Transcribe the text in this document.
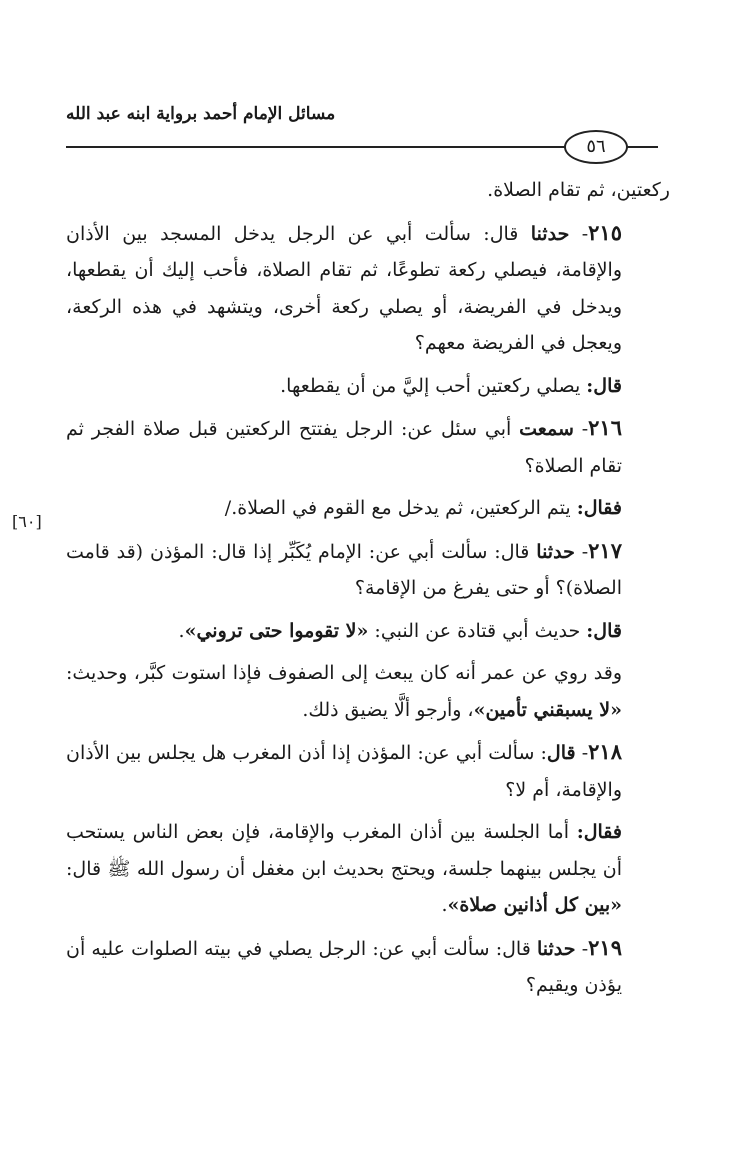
مسائل الإمام أحمد برواية ابنه عبد الله
٥٦
[٦٠]

ركعتين، ثم تقام الصلاة.

٢١٥- حدثنا قال: سألت أبي عن الرجل يدخل المسجد بين الأذان والإقامة، فيصلي ركعة تطوعًا، ثم تقام الصلاة، فأحب إليك أن يقطعها، ويدخل في الفريضة، أو يصلي ركعة أخرى، ويتشهد في هذه الركعة، ويعجل في الفريضة معهم؟

قال: يصلي ركعتين أحب إليَّ من أن يقطعها.

٢١٦- سمعت أبي سئل عن: الرجل يفتتح الركعتين قبل صلاة الفجر ثم تقام الصلاة؟

فقال: يتم الركعتين، ثم يدخل مع القوم في الصلاة./

٢١٧- حدثنا قال: سألت أبي عن: الإمام يُكَبِّر إذا قال: المؤذن (قد قامت الصلاة)؟ أو حتى يفرغ من الإقامة؟

قال: حديث أبي قتادة عن النبي: «لا تقوموا حتى تروني».

وقد روي عن عمر أنه كان يبعث إلى الصفوف فإذا استوت كبَّر، وحديث: «لا يسبقني تأمين»، وأرجو ألَّا يضيق ذلك.

٢١٨- قال: سألت أبي عن: المؤذن إذا أذن المغرب هل يجلس بين الأذان والإقامة، أم لا؟

فقال: أما الجلسة بين أذان المغرب والإقامة، فإن بعض الناس يستحب أن يجلس بينهما جلسة، ويحتج بحديث ابن مغفل أن رسول الله ﷺ قال: «بين كل أذانين صلاة».

٢١٩- حدثنا قال: سألت أبي عن: الرجل يصلي في بيته الصلوات عليه أن يؤذن ويقيم؟
